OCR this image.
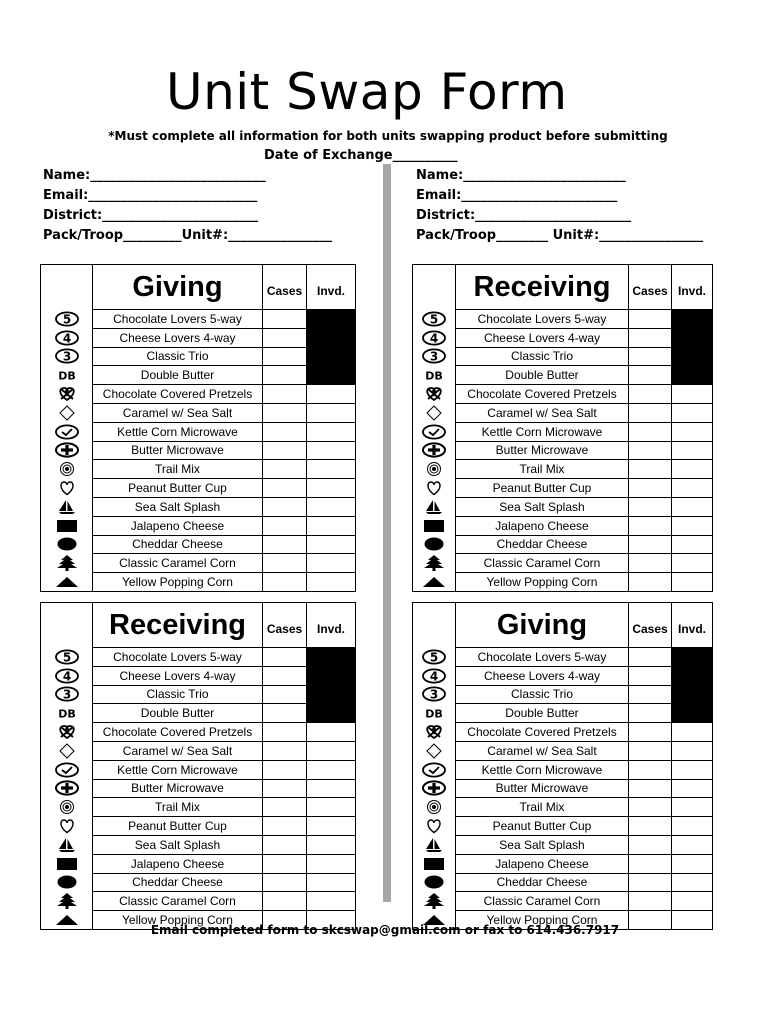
Unit Swap Form
*Must complete all information for both units swapping product before submitting
Date of Exchange__________
Name:___________________________
Email:__________________________
District:________________________
Pack/Troop_________Unit#:________________
Name:_________________________
Email:________________________
District:________________________
Pack/Troop________ Unit#:________________
	Giving	Cases	Invd.

5	Chocolate Lovers 5-way		

4	Cheese Lovers 4-way		

3	Classic Trio		

DB	Double Butter		

	Chocolate Covered Pretzels		

	Caramel w/ Sea Salt		

	Kettle Corn Microwave		

	Butter Microwave		

	Trail Mix		

	Peanut Butter Cup		

	Sea Salt Splash		

	Jalapeno Cheese		

	Cheddar Cheese		

	Classic Caramel Corn		

	Yellow Popping Corn		
	Receiving	Cases	Invd.

5	Chocolate Lovers 5-way		

4	Cheese Lovers 4-way		

3	Classic Trio		

DB	Double Butter		

	Chocolate Covered Pretzels		

	Caramel w/ Sea Salt		

	Kettle Corn Microwave		

	Butter Microwave		

	Trail Mix		

	Peanut Butter Cup		

	Sea Salt Splash		

	Jalapeno Cheese		

	Cheddar Cheese		

	Classic Caramel Corn		

	Yellow Popping Corn		
	Receiving	Cases	Invd.

5	Chocolate Lovers 5-way		

4	Cheese Lovers 4-way		

3	Classic Trio		

DB	Double Butter		

	Chocolate Covered Pretzels		

	Caramel w/ Sea Salt		

	Kettle Corn Microwave		

	Butter Microwave		

	Trail Mix		

	Peanut Butter Cup		

	Sea Salt Splash		

	Jalapeno Cheese		

	Cheddar Cheese		

	Classic Caramel Corn		

	Yellow Popping Corn		
	Giving	Cases	Invd.

5	Chocolate Lovers 5-way		

4	Cheese Lovers 4-way		

3	Classic Trio		

DB	Double Butter		

	Chocolate Covered Pretzels		

	Caramel w/ Sea Salt		

	Kettle Corn Microwave		

	Butter Microwave		

	Trail Mix		

	Peanut Butter Cup		

	Sea Salt Splash		

	Jalapeno Cheese		

	Cheddar Cheese		

	Classic Caramel Corn		

	Yellow Popping Corn		
Email completed form to skcswap@gmail.com or fax to 614.436.7917
